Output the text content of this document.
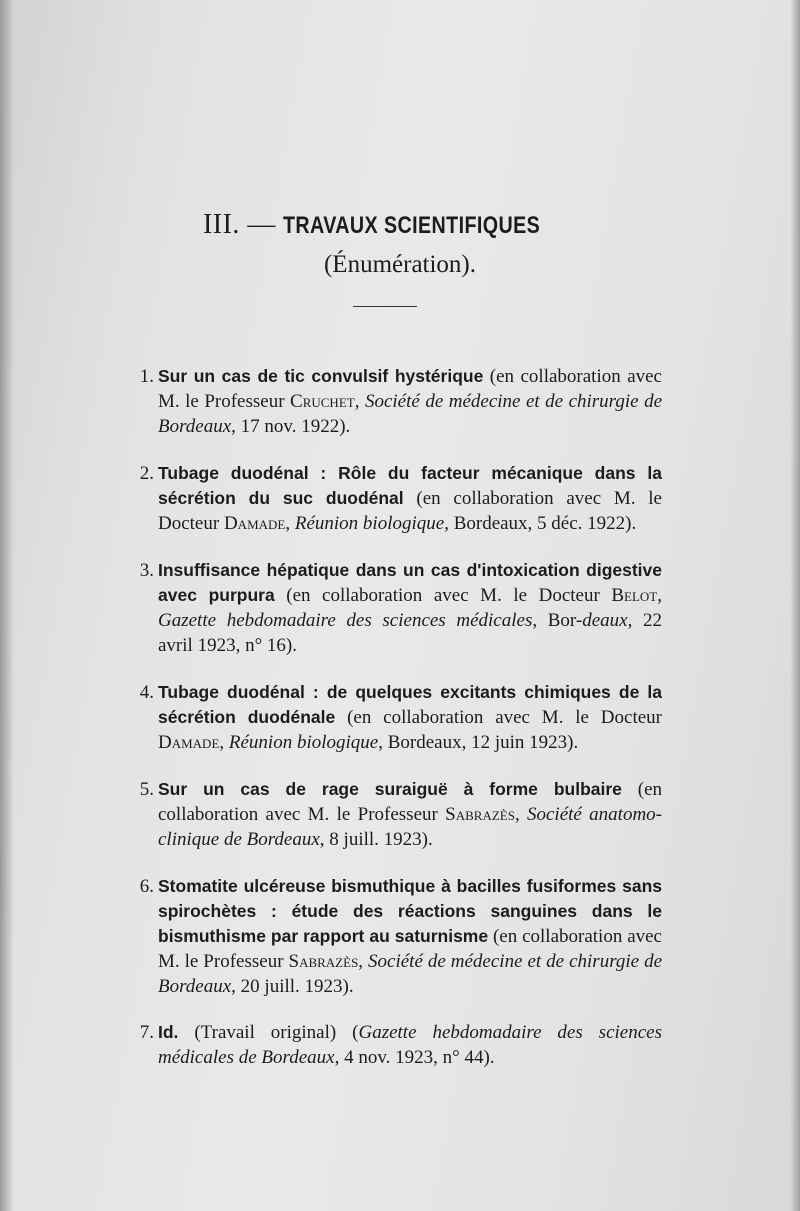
III. — TRAVAUX SCIENTIFIQUES
(Énumération).
1. Sur un cas de tic convulsif hystérique (en collaboration avec M. le Professeur Cruchet, Société de médecine et de chirurgie de Bordeaux, 17 nov. 1922).
2. Tubage duodénal : Rôle du facteur mécanique dans la sécrétion du suc duodénal (en collaboration avec M. le Docteur Damade, Réunion biologique, Bordeaux, 5 déc. 1922).
3. Insuffisance hépatique dans un cas d'intoxication digestive avec purpura (en collaboration avec M. le Docteur Belot, Gazette hebdomadaire des sciences médicales, Bor-deaux, 22 avril 1923, n° 16).
4. Tubage duodénal : de quelques excitants chimiques de la sécrétion duodénale (en collaboration avec M. le Docteur Damade, Réunion biologique, Bordeaux, 12 juin 1923).
5. Sur un cas de rage suraiguë à forme bulbaire (en collaboration avec M. le Professeur Sabrazès, Société anatomo-clinique de Bordeaux, 8 juill. 1923).
6. Stomatite ulcéreuse bismuthique à bacilles fusiformes sans spirochètes : étude des réactions sanguines dans le bismuthisme par rapport au saturnisme (en collaboration avec M. le Professeur Sabrazès, Société de médecine et de chirurgie de Bordeaux, 20 juill. 1923).
7. Id. (Travail original) (Gazette hebdomadaire des sciences médicales de Bordeaux, 4 nov. 1923, n° 44).
